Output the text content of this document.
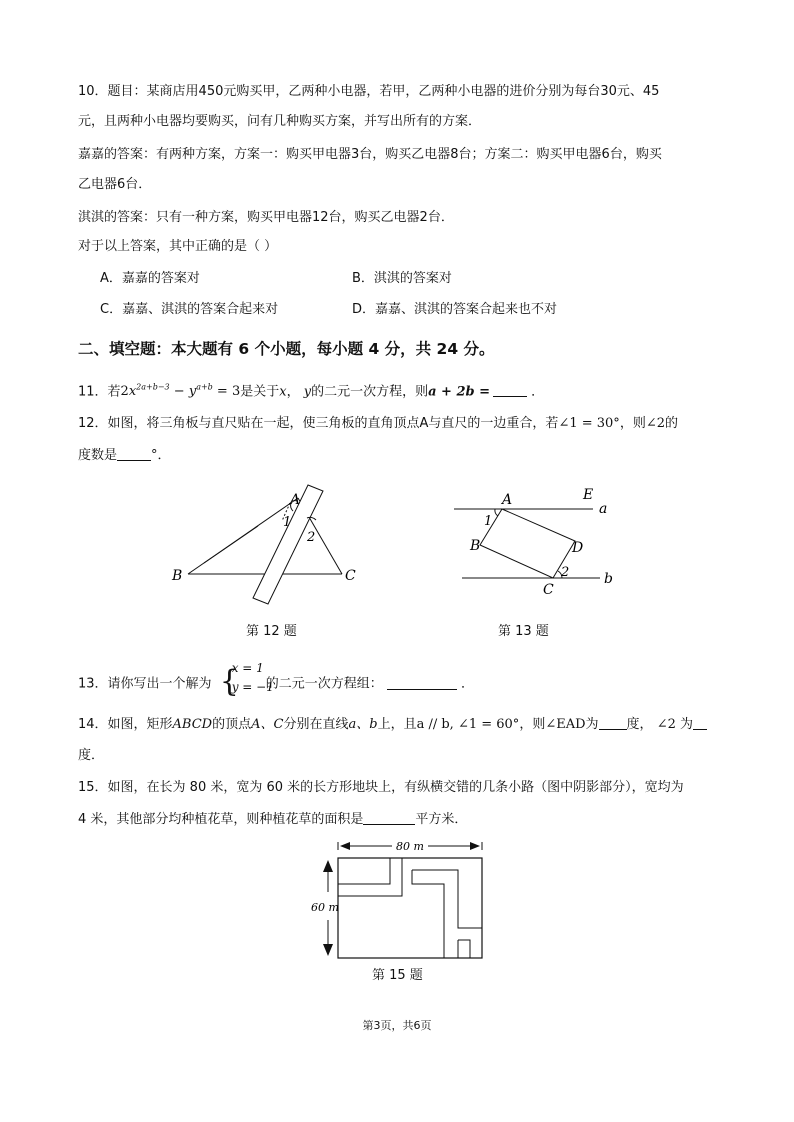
10．题目：某商店用450元购买甲，乙两种小电器，若甲，乙两种小电器的进价分别为每台30元、45
元，且两种小电器均要购买，问有几种购买方案，并写出所有的方案．
嘉嘉的答案：有两种方案，方案一：购买甲电器3台，购买乙电器8台；方案二：购买甲电器6台，购买
乙电器6台．
淇淇的答案：只有一种方案，购买甲电器12台，购买乙电器2台．
对于以上答案，其中正确的是（ ）
A．嘉嘉的答案对	B．淇淇的答案对
C．嘉嘉、淇淇的答案合起来对	D．嘉嘉、淇淇的答案合起来也不对
二、填空题：本大题有 6 个小题，每小题 4 分，共 24 分。
11．若$2x^{2a+b-3} - y^{a+b} = 3$是关于x， y的二元一次方程，则a + 2b =	．
12．如图，将三角板与直尺贴在一起，使三角板的直角顶点A与直尺的一边重合，若∠1 = 30°，则∠2的
度数是	°．
A
1
2
B	C
第 12 题
A	E
a
1
B	D
2
C
b
第 13 题
13．请你写出一个解为 {
x = 1
y = −1
的二元一次方程组：	．
14．如图，矩形ABCD的顶点A、C分别在直线a、b上，且a // b, ∠1 = 60°，则∠EAD为 度， ∠2 为
度．
15．如图，在长为 80 米，宽为 60 米的长方形地块上，有纵横交错的几条小路（图中阴影部分），宽均为
4 米，其他部分均种植花草，则种植花草的面积是	平方米．
80 m
60 m
第 15 题
第3页，共6页
